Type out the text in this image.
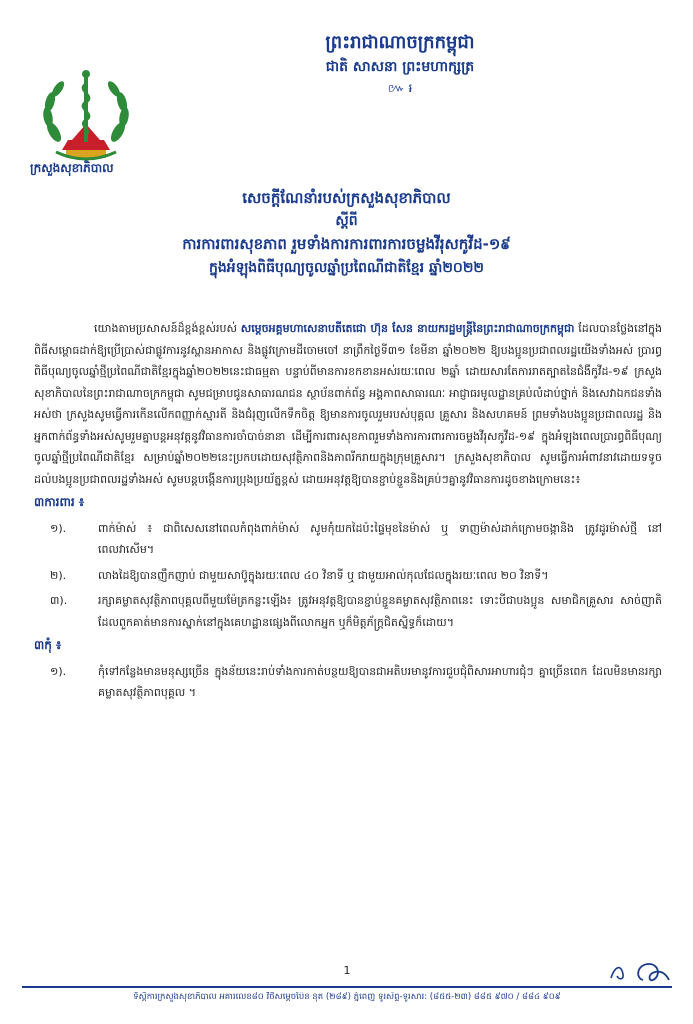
ក្រសួងសុខាភិបាល
ព្រះរាជាណាចក្រកម្ពុជា
ជាតិ សាសនា ព្រះមហាក្សត្រ
៚ ៛
សេចក្តីណែនាំរបស់ក្រសួងសុខាភិបាល
ស្តីពី
ការការពារសុខភាព រួមទាំងការការពារការចម្លងវីរុសកូវីដ-១៩
ក្នុងអំឡុងពិធីបុណ្យចូលឆ្នាំប្រពៃណីជាតិខ្មែរ ឆ្នាំ២០២២
យោងតាមប្រសាសន៍ដ៏ខ្ពង់ខ្ពស់របស់ សម្តេចអគ្គមហាសេនាបតីតេជោ ហ៊ុន សែន នាយករដ្ឋមន្ត្រីនៃព្រះរាជាណាចក្រកម្ពុជា ដែលបានថ្លែងនៅក្នុងពិធីសម្ពោធដាក់ឱ្យប្រើប្រាស់ជាផ្លូវការនូវស្ពានអាកាស និងផ្លូវក្រោមដីចោមចៅ នាព្រឹកថ្ងៃទី៣១ ខែមីនា ឆ្នាំ២០២២ ឱ្យបងប្អូនប្រជាពលរដ្ឋយើងទាំងអស់ ប្រារព្ធពិធីបុណ្យចូលឆ្នាំថ្មីប្រពៃណីជាតិខ្មែរក្នុងឆ្នាំ២០២២នេះជាធម្មតា បន្ទាប់ពីមានការខកខានអស់រយៈពេល ២ឆ្នាំ ដោយសារតែការរាតត្បាតនៃជំងឺកូវីដ-១៩ ក្រសួងសុខាភិបាលនៃព្រះរាជាណាចក្រកម្ពុជា សូមជម្រាបជូនសាធារណជន ស្ថាប័នពាក់ព័ន្ធ អង្គភាពសាធារណៈ អាជ្ញាធរមូលដ្ឋានគ្រប់លំដាប់ថ្នាក់ និងសេវាឯកជនទាំងអស់ថា ក្រសួងសូមធ្វើការកើនលើកពញ្ញាក់ស្មារតី និងជំរុញលើកទឹកចិត្ត ឱ្យមានការចូលរួមរបស់បុគ្គល គ្រួសារ និងសហគមន៍ ព្រមទាំងបងប្អូនប្រជាពលរដ្ឋ និងអ្នកពាក់ព័ន្ធទាំងអស់សូមរួមគ្នាបន្តអនុវត្តនូវវិធានការចាំបាច់នានា ដើម្បីការពារសុខភាពរួមទាំងការការពារការចម្លងវីរុសកូវីដ-១៩ ក្នុងអំឡុងពេលប្រារព្ធពិធីបុណ្យចូលឆ្នាំថ្មីប្រពៃណីជាតិខ្មែរ សម្រាប់ឆ្នាំ២០២២នេះប្រកបដោយសុវត្ថិភាពនិងភាពរីករាយក្នុងក្រុមគ្រួសារ។ ក្រសួងសុខាភិបាល សូមធ្វើការអំពាវនាវដោយទទូចដល់បងប្អូនប្រជាពលរដ្ឋទាំងអស់ សូមបន្តបង្កើនការប្រុងប្រយ័ត្នខ្ពស់ ដោយអនុវត្តឱ្យបានខ្ជាប់ខ្ជួននិងគ្រប់ៗគ្នានូវវិធានការដូចខាងក្រោមនេះ៖
៣ការពារ ៖
១).	ពាក់ម៉ាស់ ៖ ជាពិសេសនៅពេលកំពុងពាក់ម៉ាស់ សូមកុំយកដៃប៉ះផ្ទៃមុខនៃម៉ាស់ ឬ ទាញម៉ាស់ដាក់ក្រោមចង្កានិង ត្រូវដូរម៉ាស់ថ្មី នៅពេលវាសើម។
២).	លាងដៃឱ្យបានញឹកញាប់ ជាមួយសាប៊ូក្នុងរយៈពេល ៤០ វិនាទី ឬ ជាមួយអាល់កុលជែលក្នុងរយៈពេល ២០ វិនាទី។
៣).	រក្សាគម្លាតសុវត្ថិភាពបុគ្គលពីមួយម៉ែត្រកន្លះឡើង៖ ត្រូវអនុវត្តឱ្យបានខ្ជាប់ខ្ជួនគម្លាតសុវត្ថិភាពនេះ ទោះបីជាបងប្អូន សមាជិកគ្រួសារ សាច់ញាតិ ដែលពួកគាត់មានការស្នាក់នៅក្នុងគេហដ្ឋានផ្សេងពីលោកអ្នក ឬក៏មិត្តភ័ក្រ្តជិតស្និទ្ធក៏ដោយ។
៣កុំ ៖
១).	កុំទៅកន្លែងមានមនុស្សច្រើន ក្នុងន័យនេះរាប់ទាំងការកាត់បន្ថយឱ្យបានជាអតិបរមានូវការជួបជុំពិសារអាហារជុំៗ គ្នាច្រើនពេក ដែលមិនមានរក្សាគម្លាតសុវត្ថិភាពបុគ្គល ។
1
ទីស្តីការក្រសួងសុខាភិបាល អគារលេខ៨០ វិថីសម្តេចប៉ែន នុត (២៨៩) ភ្នំពេញ ទូរស័ព្ទ-ទូរសារ: (៨៥៥-២៣) ៨៨៥ ៩៧០ / ៨៨៤ ៩០៩
